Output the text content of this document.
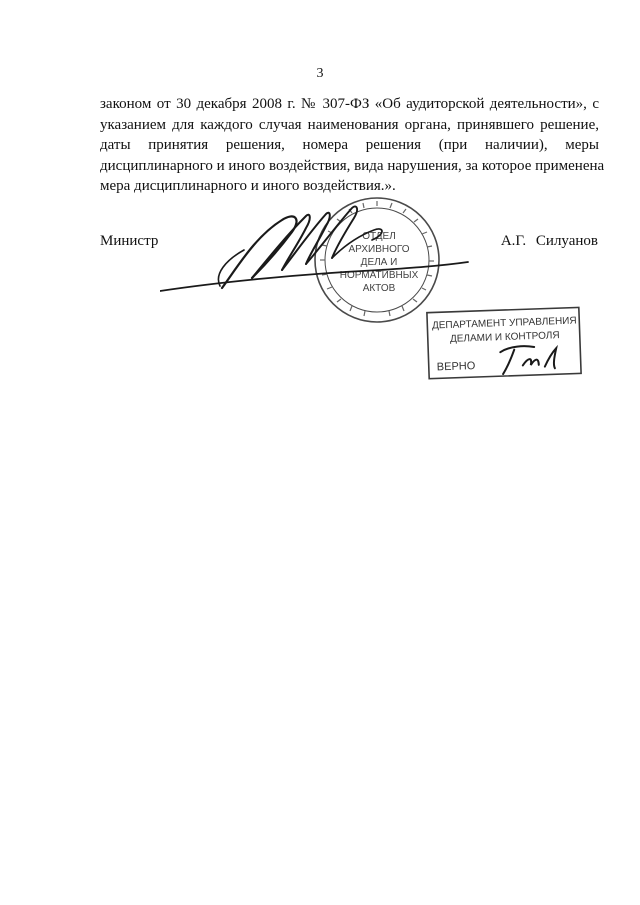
3
законом от 30 декабря 2008 г. № 307-ФЗ «Об аудиторской деятельности», с
указанием для каждого случая наименования органа, принявшего решение,
даты принятия решения, номера решения (при наличии), меры
дисциплинарного и иного воздействия, вида нарушения, за которое применена
мера дисциплинарного и иного воздействия.».
Министр	А.Г. Силуанов
ОТДЕЛ
АРХИВНОГО
ДЕЛА И
НОРМАТИВНЫХ
АКТОВ
ДЕПАРТАМЕНТ УПРАВЛЕНИЯ
ДЕЛАМИ И КОНТРОЛЯ
ВЕРНО
